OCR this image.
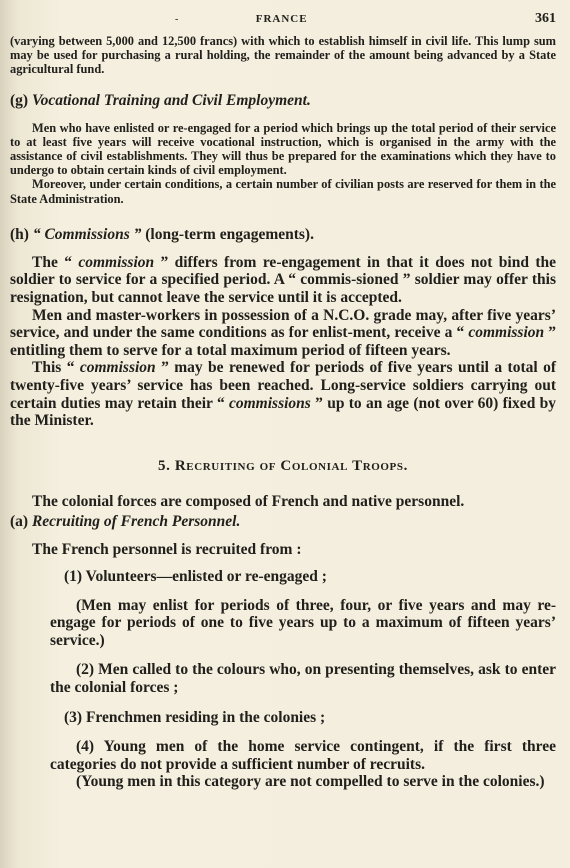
-	FRANCE	361

(varying between 5,000 and 12,500 francs) with which to establish himself in civil life. This lump sum may be used for purchasing a rural holding, the remainder of the amount being advanced by a State agricultural fund.

(g) Vocational Training and Civil Employment.

Men who have enlisted or re-engaged for a period which brings up the total period of their service to at least five years will receive vocational instruction, which is organised in the army with the assistance of civil establishments. They will thus be prepared for the examinations which they have to undergo to obtain certain kinds of civil employment.

Moreover, under certain conditions, a certain number of civilian posts are reserved for them in the State Administration.

(h) “ Commissions ” (long-term engagements).

The “ commission ” differs from re-engagement in that it does not bind the soldier to service for a specified period. A “ commis-sioned ” soldier may offer this resignation, but cannot leave the service until it is accepted.

Men and master-workers in possession of a N.C.O. grade may, after five years’ service, and under the same conditions as for enlist-ment, receive a “ commission ” entitling them to serve for a total maximum period of fifteen years.

This “ commission ” may be renewed for periods of five years until a total of twenty-five years’ service has been reached. Long-service soldiers carrying out certain duties may retain their “ commissions ” up to an age (not over 60) fixed by the Minister.

5. Recruiting of Colonial Troops.

The colonial forces are composed of French and native personnel.

(a) Recruiting of French Personnel.

The French personnel is recruited from :

(1) Volunteers—enlisted or re-engaged ;

(Men may enlist for periods of three, four, or five years and may re-engage for periods of one to five years up to a maximum of fifteen years’ service.)

(2) Men called to the colours who, on presenting themselves, ask to enter the colonial forces ;

(3) Frenchmen residing in the colonies ;

(4) Young men of the home service contingent, if the first three categories do not provide a sufficient number of recruits.

(Young men in this category are not compelled to serve in the colonies.)
